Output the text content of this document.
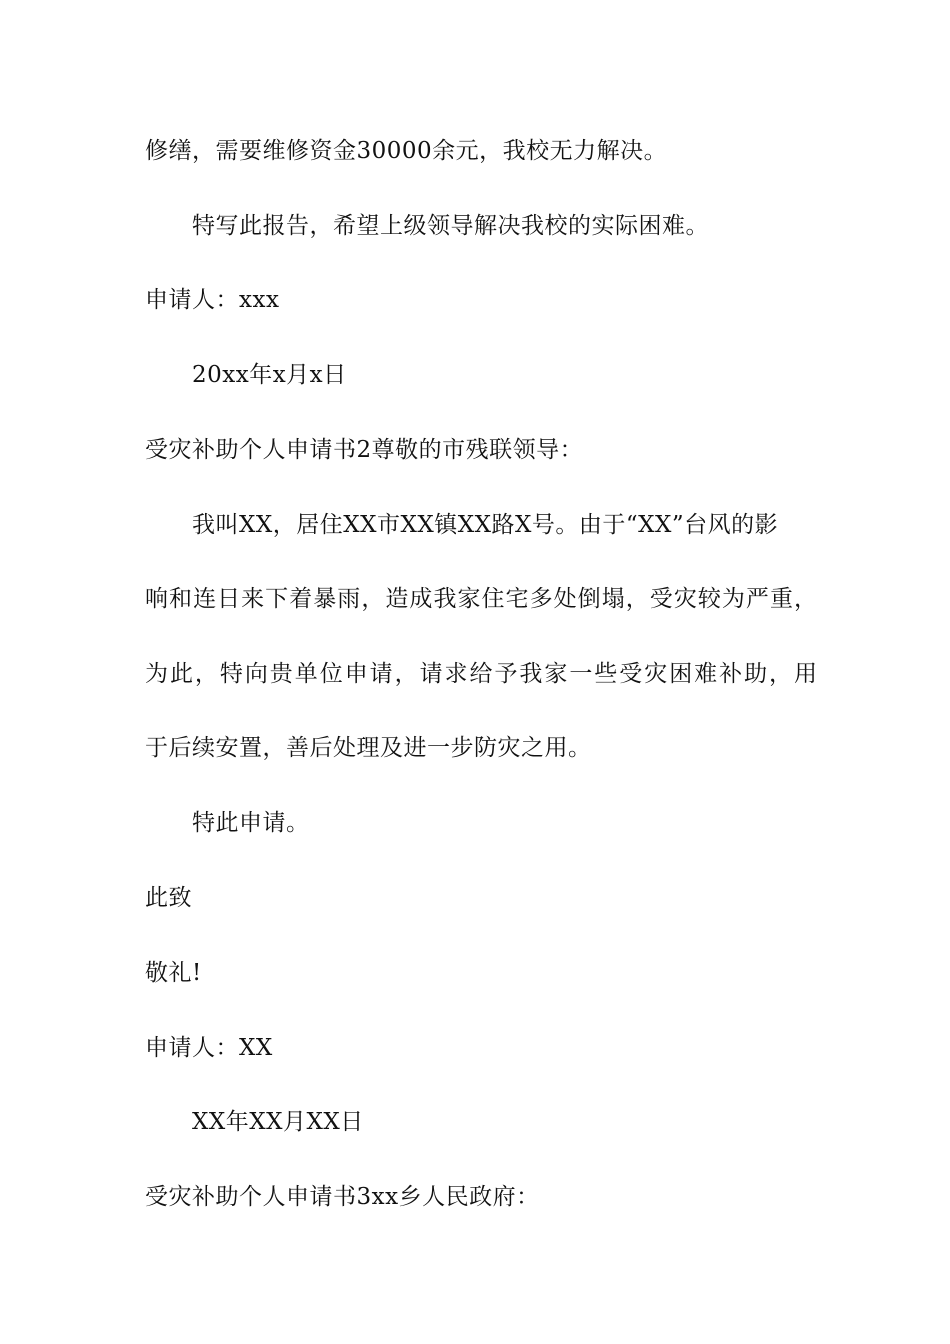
修缮，需要维修资金30000余元，我校无力解决。

特写此报告，希望上级领导解决我校的实际困难。

申请人：xxx

20xx年x月x日

受灾补助个人申请书2尊敬的市残联领导：

我叫XX，居住XX市XX镇XX路X号。由于“XX”台风的影

响和连日来下着暴雨，造成我家住宅多处倒塌，受灾较为严重，

为此，特向贵单位申请，请求给予我家一些受灾困难补助，用

于后续安置，善后处理及进一步防灾之用。

特此申请。

此致

敬礼!

申请人：XX

XX年XX月XX日

受灾补助个人申请书3xx乡人民政府：
